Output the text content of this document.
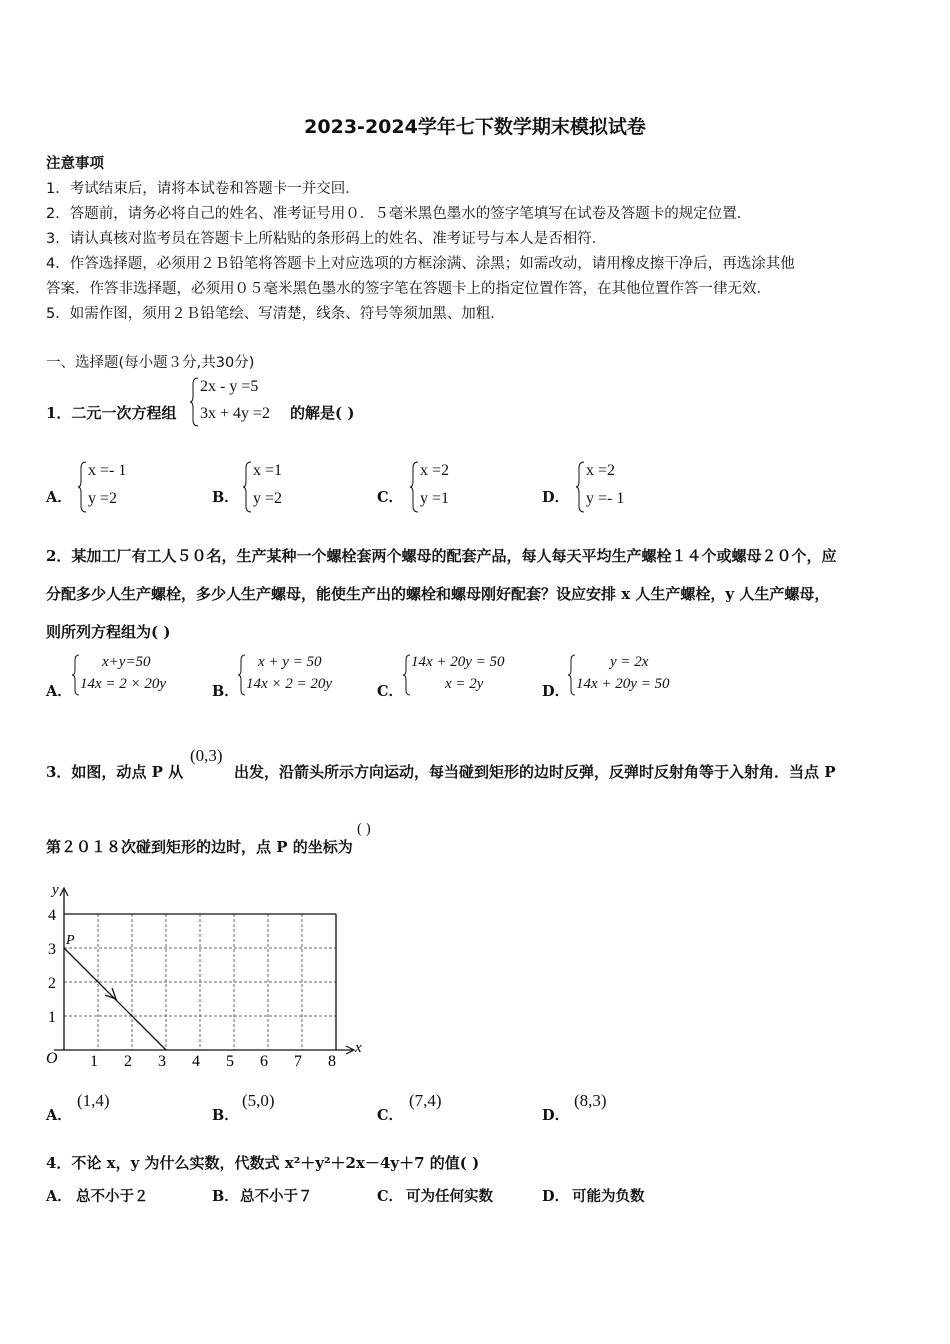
2023-2024学年七下数学期末模拟试卷
注意事项
1．考试结束后，请将本试卷和答题卡一并交回．
2．答题前，请务必将自己的姓名、准考证号用０．５毫米黑色墨水的签字笔填写在试卷及答题卡的规定位置．
3．请认真核对监考员在答题卡上所粘贴的条形码上的姓名、准考证号与本人是否相符．
4．作答选择题，必须用２Ｂ铅笔将答题卡上对应选项的方框涂满、涂黑；如需改动，请用橡皮擦干净后，再选涂其他
答案．作答非选择题，必须用０５毫米黑色墨水的签字笔在答题卡上的指定位置作答，在其他位置作答一律无效．
5．如需作图，须用２Ｂ铅笔绘、写清楚，线条、符号等须加黑、加粗．
一、选择题(每小题３分,共30分)
1．二元一次方程组
2x - y =5
3x + 4y =2 的解是( )
A．
x =- 1
y =2	B．
x =1
y =2	C．
x =2
y =1	D．
x =2
y =- 1
2．某加工厂有工人５０名，生产某种一个螺栓套两个螺母的配套产品，每人每天平均生产螺栓１４个或螺母２０个，应
分配多少人生产螺栓，多少人生产螺母，能使生产出的螺栓和螺母刚好配套？设应安排 x 人生产螺栓，y 人生产螺母，
则所列方程组为( )
A．
x+y=50
14x = 2 × 20y	B．
x + y = 50
14x × 2 = 20y	C．
14x + 20y = 50
x = 2y	D．
y = 2x
14x + 20y = 50
3．如图，动点 P 从
(0,3)
出发，沿箭头所示方向运动，每当碰到矩形的边时反弹，反弹时反射角等于入射角．当点 P
第２０１８次碰到矩形的边时，点 P 的坐标为
( )
y
x
O
P
1 2 3 4 5 6 7 8
1
2
3
4
A．
(1,4)
B．
(5,0)
C．
(7,4)
D．
(8,3)
4．不论 x，y 为什么实数，代数式 x²＋y²＋2x－4y＋7 的值( )
A． 总不小于２	B． 总不小于７	C． 可为任何实数	D． 可能为负数
